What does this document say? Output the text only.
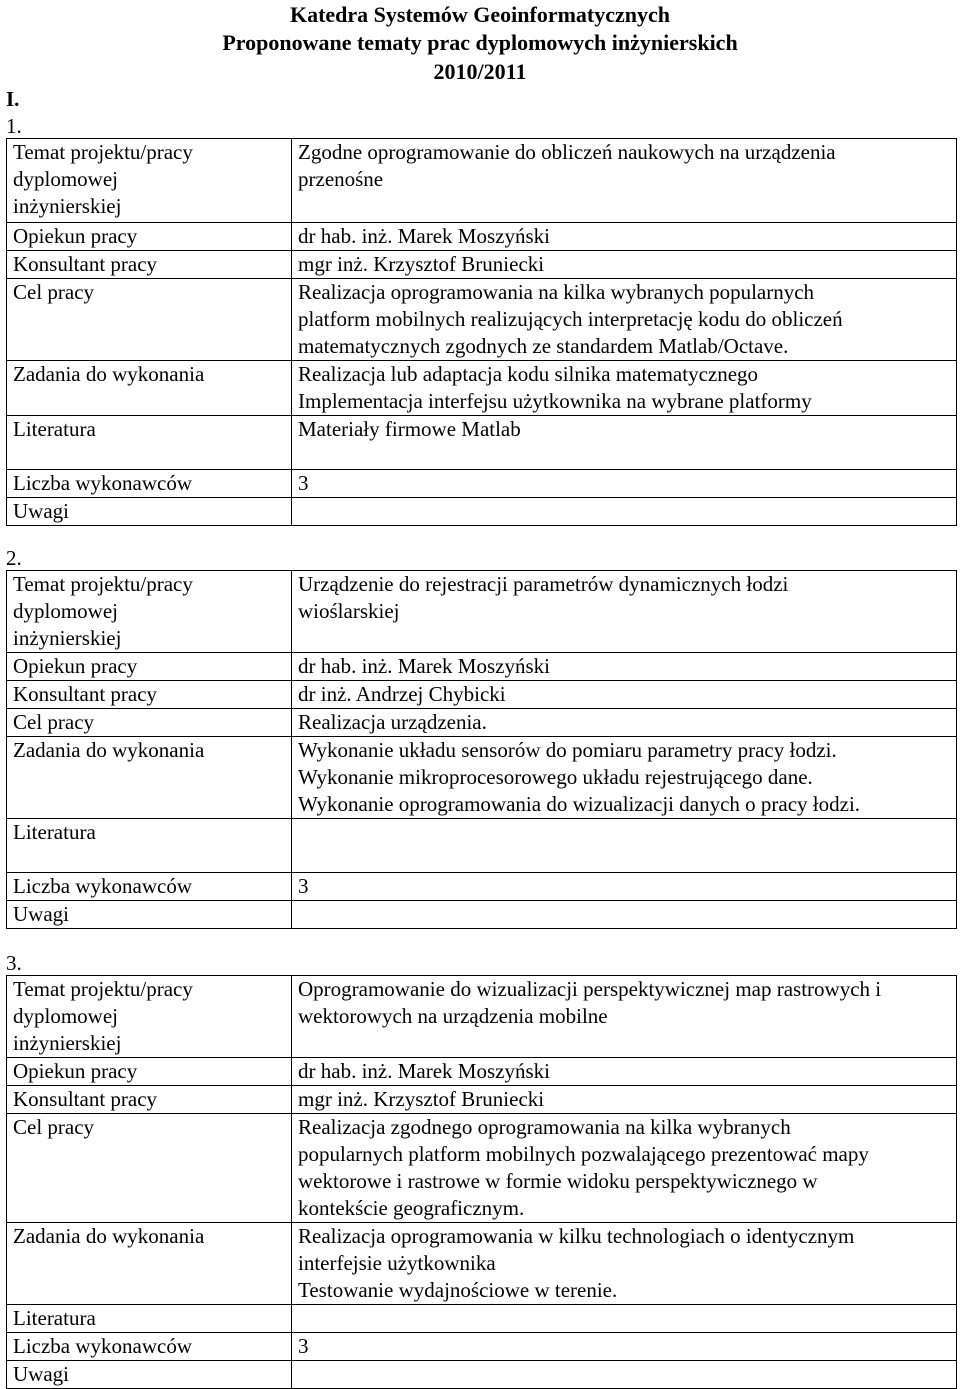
Katedra Systemów Geoinformatycznych
Proponowane tematy prac dyplomowych inżynierskich
2010/2011
I.
1.
Temat projektu/pracy
dyplomowej
inżynierskiej	Zgodne oprogramowanie do obliczeń naukowych na urządzenia
przenośne

Opiekun pracy	dr hab. inż. Marek Moszyński
Konsultant pracy	mgr inż. Krzysztof Bruniecki
Cel pracy	Realizacja oprogramowania na kilka wybranych popularnych
platform mobilnych realizujących interpretację kodu do obliczeń
matematycznych zgodnych ze standardem Matlab/Octave.

Zadania do wykonania	Realizacja lub adaptacja kodu silnika matematycznego
Implementacja interfejsu użytkownika na wybrane platformy

Literatura	Materiały firmowe Matlab
Liczba wykonawców	3
Uwagi	
2.
Temat projektu/pracy
dyplomowej
inżynierskiej	Urządzenie do rejestracji parametrów dynamicznych łodzi
wioślarskiej

Opiekun pracy	dr hab. inż. Marek Moszyński
Konsultant pracy	dr inż. Andrzej Chybicki
Cel pracy	Realizacja urządzenia.
Zadania do wykonania	Wykonanie układu sensorów do pomiaru parametry pracy łodzi.
Wykonanie mikroprocesorowego układu rejestrującego dane.
Wykonanie oprogramowania do wizualizacji danych o pracy łodzi.

Literatura	
Liczba wykonawców	3
Uwagi	
3.
Temat projektu/pracy
dyplomowej
inżynierskiej	Oprogramowanie do wizualizacji perspektywicznej map rastrowych i
wektorowych na urządzenia mobilne

Opiekun pracy	dr hab. inż. Marek Moszyński
Konsultant pracy	mgr inż. Krzysztof Bruniecki
Cel pracy	Realizacja zgodnego oprogramowania na kilka wybranych
popularnych platform mobilnych pozwalającego prezentować mapy
wektorowe i rastrowe w formie widoku perspektywicznego w
kontekście geograficznym.

Zadania do wykonania	Realizacja oprogramowania w kilku technologiach o identycznym
interfejsie użytkownika
Testowanie wydajnościowe w terenie.

Literatura	
Liczba wykonawców	3
Uwagi	
